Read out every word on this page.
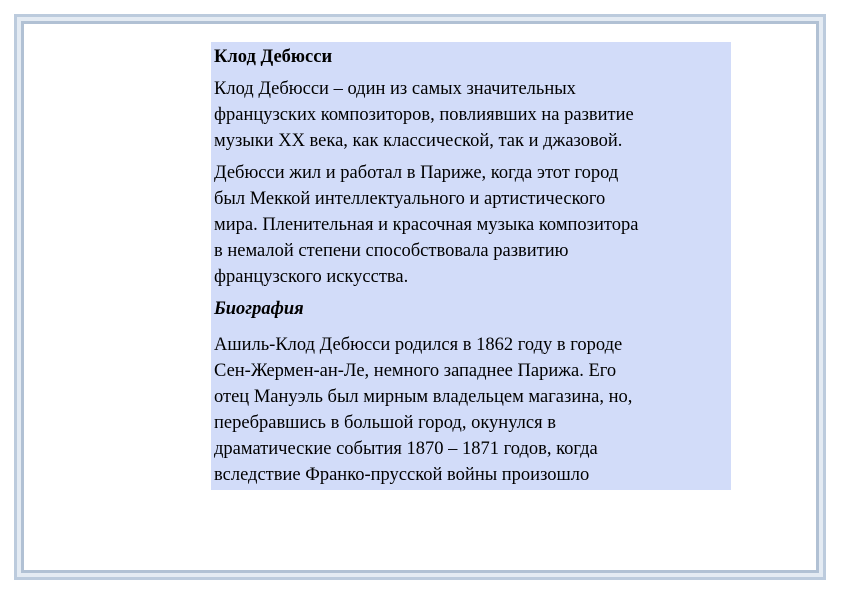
Клод Дебюсси
Клод Дебюсси – один из самых значительных
французских композиторов, повлиявших на развитие
музыки XX века, как классической, так и джазовой.
Дебюсси жил и работал в Париже, когда этот город
был Меккой интеллектуального и артистического
мира. Пленительная и красочная музыка композитора
в немалой степени способствовала развитию
французского искусства.
Биография
Ашиль-Клод Дебюсси родился в 1862 году в городе
Сен-Жермен-ан-Ле, немного западнее Парижа. Его
отец Мануэль был мирным владельцем магазина, но,
перебравшись в большой город, окунулся в
драматические события 1870 – 1871 годов, когда
вследствие Франко-прусской войны произошло
